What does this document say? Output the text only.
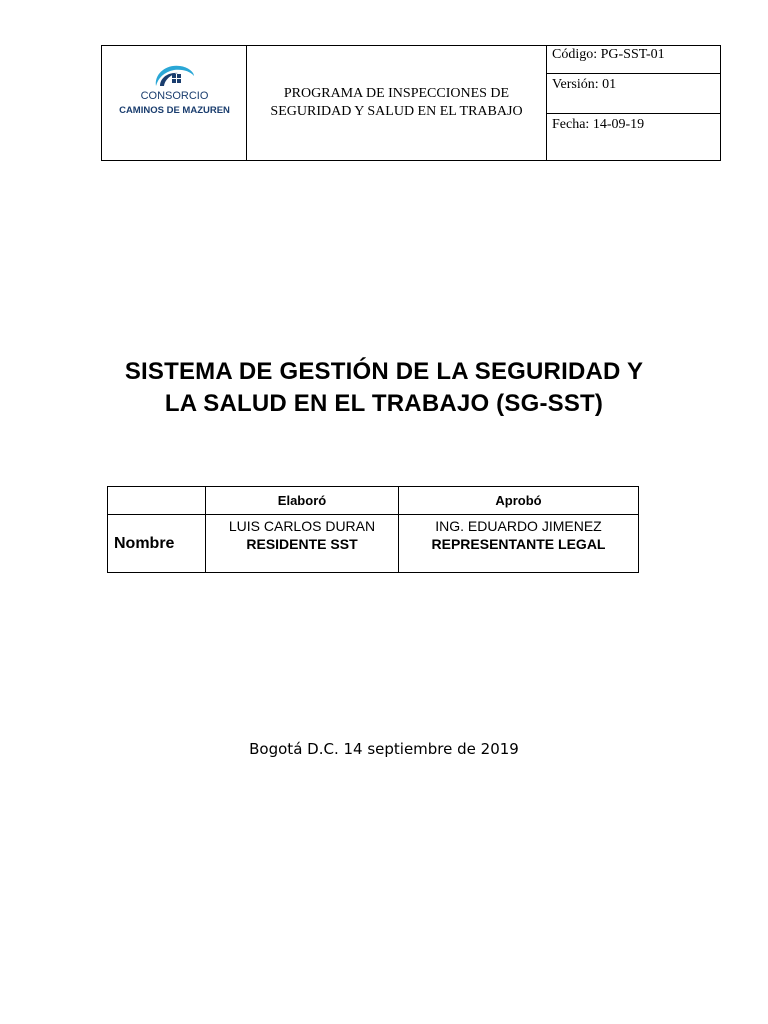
CONSORCIO
CAMINOS DE MAZUREN
PROGRAMA DE INSPECCIONES DE
SEGURIDAD Y SALUD EN EL TRABAJO
Código: PG-SST-01
Versión: 01
Fecha: 14-09-19
SISTEMA DE GESTIÓN DE LA SEGURIDAD Y
LA SALUD EN EL TRABAJO (SG-SST)
Elaboró	Aprobó
Nombre
LUIS CARLOS DURAN
RESIDENTE SST
ING. EDUARDO JIMENEZ
REPRESENTANTE LEGAL
Bogotá D.C. 14 septiembre de 2019
